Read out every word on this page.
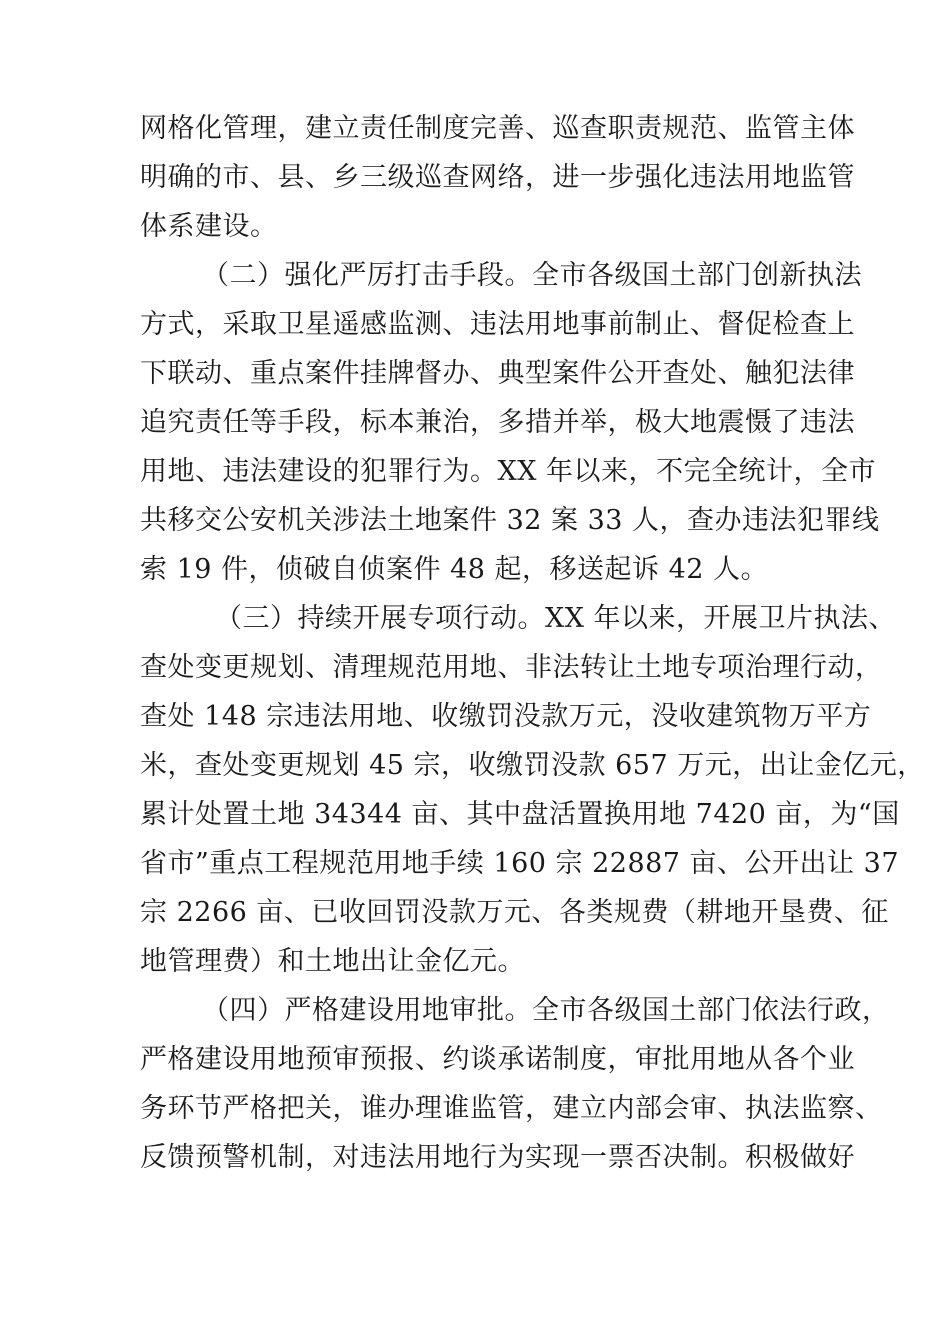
网格化管理，建立责任制度完善、巡查职责规范、监管主体
明确的市、县、乡三级巡查网络，进一步强化违法用地监管
体系建设。
（二）强化严厉打击手段。全市各级国土部门创新执法
方式，采取卫星遥感监测、违法用地事前制止、督促检查上
下联动、重点案件挂牌督办、典型案件公开查处、触犯法律
追究责任等手段，标本兼治，多措并举，极大地震慑了违法
用地、违法建设的犯罪行为。XX 年以来，不完全统计，全市
共移交公安机关涉法土地案件 32 案 33 人，查办违法犯罪线
索 19 件，侦破自侦案件 48 起，移送起诉 42 人。
（三）持续开展专项行动。XX 年以来，开展卫片执法、
查处变更规划、清理规范用地、非法转让土地专项治理行动，
查处 148 宗违法用地、收缴罚没款万元，没收建筑物万平方
米，查处变更规划 45 宗，收缴罚没款 657 万元，出让金亿元，
累计处置土地 34344 亩、其中盘活置换用地 7420 亩，为“国
省市”重点工程规范用地手续 160 宗 22887 亩、公开出让 37
宗 2266 亩、已收回罚没款万元、各类规费（耕地开垦费、征
地管理费）和土地出让金亿元。
（四）严格建设用地审批。全市各级国土部门依法行政，
严格建设用地预审预报、约谈承诺制度，审批用地从各个业
务环节严格把关，谁办理谁监管，建立内部会审、执法监察、
反馈预警机制，对违法用地行为实现一票否决制。积极做好
